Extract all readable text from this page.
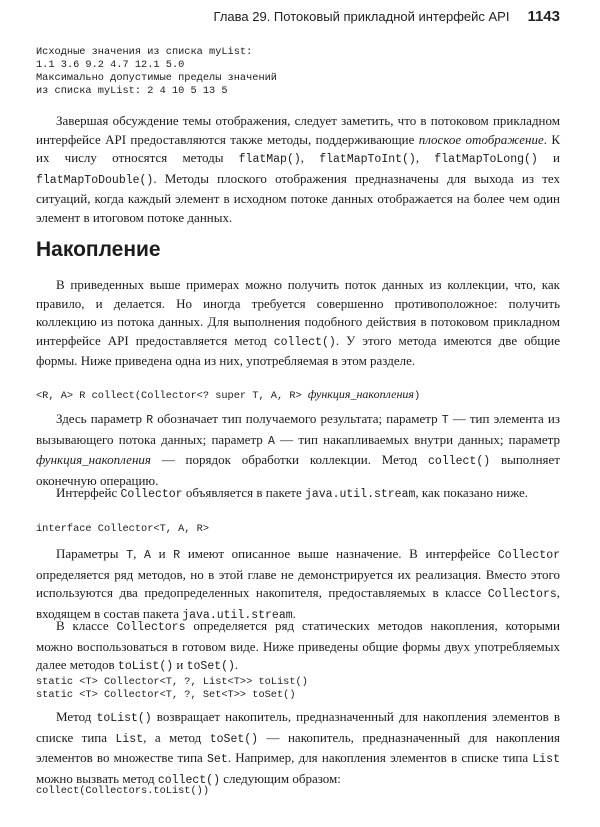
Глава 29. Потоковый прикладной интерфейс API 1143
Исходные значения из списка myList:
1.1 3.6 9.2 4.7 12.1 5.0
Максимально допустимые пределы значений
из списка myList: 2 4 10 5 13 5

Завершая обсуждение темы отображения, следует заметить, что в потоковом прикладном интерфейсе API предоставляются также методы, поддерживающие плоское отображение. К их числу относятся методы flatMap(), flatMapToInt(), flatMapToLong() и flatMapToDouble(). Методы плоского отображения предназначены для выхода из тех ситуаций, когда каждый элемент в исходном потоке данных отображается на более чем один элемент в итоговом потоке данных.

Накопление

В приведенных выше примерах можно получить поток данных из коллекции, что, как правило, и делается. Но иногда требуется совершенно противоположное: получить коллекцию из потока данных. Для выполнения подобного действия в потоковом прикладном интерфейсе API предоставляется метод collect(). У этого метода имеются две общие формы. Ниже приведена одна из них, употребляемая в этом разделе.

<R, A> R collect(Collector<? super T, A, R> функция_накопления)

Здесь параметр R обозначает тип получаемого результата; параметр T — тип элемента из вызывающего потока данных; параметр A — тип накапливаемых внутри данных; параметр функция_накопления — порядок обработки коллекции. Метод collect() выполняет оконечную операцию.

Интерфейс Collector объявляется в пакете java.util.stream, как показано ниже.

interface Collector<T, A, R>

Параметры T, A и R имеют описанное выше назначение. В интерфейсе Collector определяется ряд методов, но в этой главе не демонстрируется их реализация. Вместо этого используются два предопределенных накопителя, предоставляемых в классе Collectors, входящем в состав пакета java.util.stream.

В классе Collectors определяется ряд статических методов накопления, которыми можно воспользоваться в готовом виде. Ниже приведены общие формы двух употребляемых далее методов toList() и toSet().

static <T> Collector<T, ?, List<T>> toList()
static <T> Collector<T, ?, Set<T>> toSet()

Метод toList() возвращает накопитель, предназначенный для накопления элементов в списке типа List, а метод toSet() — накопитель, предназначенный для накопления элементов во множестве типа Set. Например, для накопления элементов в списке типа List можно вызвать метод collect() следующим образом:

collect(Collectors.toList())
